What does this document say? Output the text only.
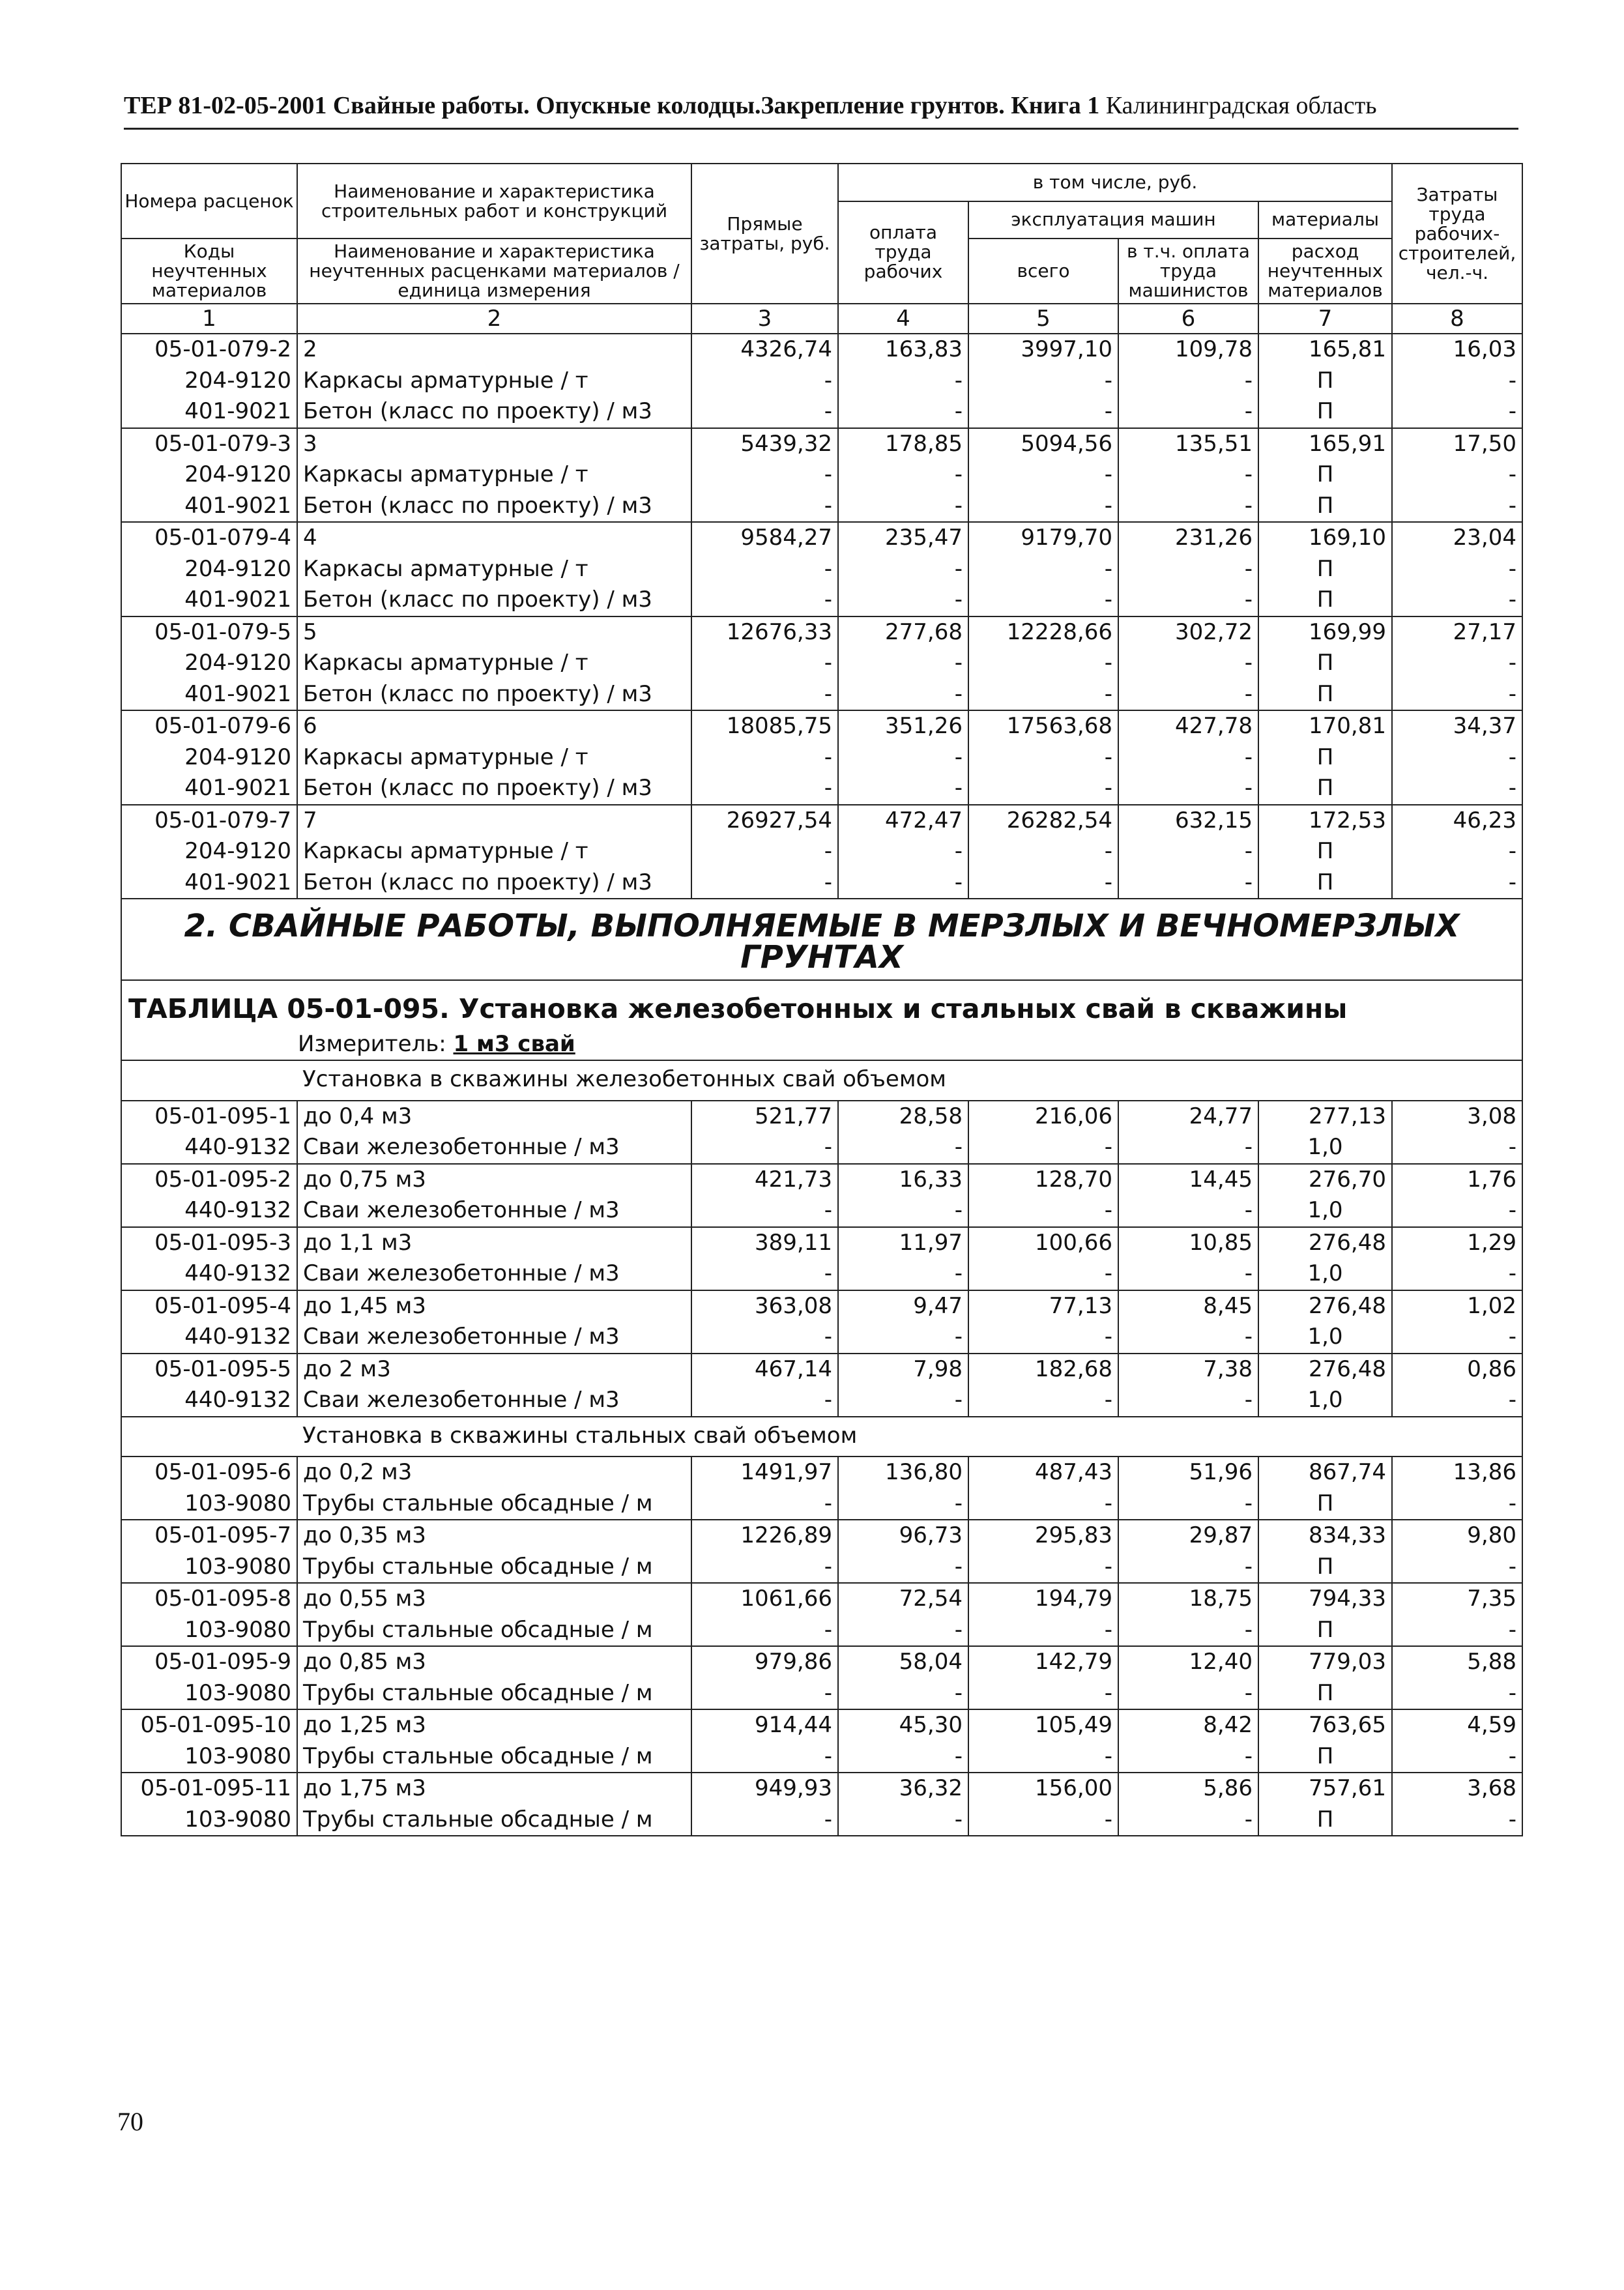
ТЕР 81-02-05-2001 Свайные работы. Опускные колодцы.Закрепление грунтов. Книга 1 Калининградская область
Номера расценок	Наименование и характеристика строительных работ и конструкций	Прямые затраты, руб.	в том числе, руб.				Затраты труда рабочих-строителей, чел.-ч.
			оплата труда рабочих	эксплуатация машин		материалы	
Коды неучтенных материалов	Наименование и характеристика неучтенных расценками материалов / единица измерения			всего	в т.ч. оплата труда машинистов	расход неучтенных материалов	

1	2	3	4	5	6	7	8
05-01-079-2	2	4326,74	163,83	3997,10	109,78	165,81	16,03
204-9120	Каркасы арматурные / т	-	-	-	-	П	-
401-9021	Бетон (класс по проекту) / м3	-	-	-	-	П	-
05-01-079-3	3	5439,32	178,85	5094,56	135,51	165,91	17,50
204-9120	Каркасы арматурные / т	-	-	-	-	П	-
401-9021	Бетон (класс по проекту) / м3	-	-	-	-	П	-
05-01-079-4	4	9584,27	235,47	9179,70	231,26	169,10	23,04
204-9120	Каркасы арматурные / т	-	-	-	-	П	-
401-9021	Бетон (класс по проекту) / м3	-	-	-	-	П	-
05-01-079-5	5	12676,33	277,68	12228,66	302,72	169,99	27,17
204-9120	Каркасы арматурные / т	-	-	-	-	П	-
401-9021	Бетон (класс по проекту) / м3	-	-	-	-	П	-
05-01-079-6	6	18085,75	351,26	17563,68	427,78	170,81	34,37
204-9120	Каркасы арматурные / т	-	-	-	-	П	-
401-9021	Бетон (класс по проекту) / м3	-	-	-	-	П	-
05-01-079-7	7	26927,54	472,47	26282,54	632,15	172,53	46,23
204-9120	Каркасы арматурные / т	-	-	-	-	П	-
401-9021	Бетон (класс по проекту) / м3	-	-	-	-	П	-
2. СВАЙНЫЕ РАБОТЫ, ВЫПОЛНЯЕМЫЕ В МЕРЗЛЫХ И ВЕЧНОМЕРЗЛЫХ ГРУНТАХ							
ТАБЛИЦА 05-01-095. Установка железобетонных и стальных свай в скважины							
Измеритель: 1 м3 свай							
	Установка в скважины железобетонных свай объемом						
05-01-095-1	до 0,4 м3	521,77	28,58	216,06	24,77	277,13	3,08
440-9132	Сваи железобетонные / м3	-	-	-	-	1,0	-
05-01-095-2	до 0,75 м3	421,73	16,33	128,70	14,45	276,70	1,76
440-9132	Сваи железобетонные / м3	-	-	-	-	1,0	-
05-01-095-3	до 1,1 м3	389,11	11,97	100,66	10,85	276,48	1,29
440-9132	Сваи железобетонные / м3	-	-	-	-	1,0	-
05-01-095-4	до 1,45 м3	363,08	9,47	77,13	8,45	276,48	1,02
440-9132	Сваи железобетонные / м3	-	-	-	-	1,0	-
05-01-095-5	до 2 м3	467,14	7,98	182,68	7,38	276,48	0,86
440-9132	Сваи железобетонные / м3	-	-	-	-	1,0	-
	Установка в скважины стальных свай объемом						
05-01-095-6	до 0,2 м3	1491,97	136,80	487,43	51,96	867,74	13,86
103-9080	Трубы стальные обсадные / м	-	-	-	-	П	-
05-01-095-7	до 0,35 м3	1226,89	96,73	295,83	29,87	834,33	9,80
103-9080	Трубы стальные обсадные / м	-	-	-	-	П	-
05-01-095-8	до 0,55 м3	1061,66	72,54	194,79	18,75	794,33	7,35
103-9080	Трубы стальные обсадные / м	-	-	-	-	П	-
05-01-095-9	до 0,85 м3	979,86	58,04	142,79	12,40	779,03	5,88
103-9080	Трубы стальные обсадные / м	-	-	-	-	П	-
05-01-095-10	до 1,25 м3	914,44	45,30	105,49	8,42	763,65	4,59
103-9080	Трубы стальные обсадные / м	-	-	-	-	П	-
05-01-095-11	до 1,75 м3	949,93	36,32	156,00	5,86	757,61	3,68
103-9080	Трубы стальные обсадные / м	-	-	-	-	П	-
70
